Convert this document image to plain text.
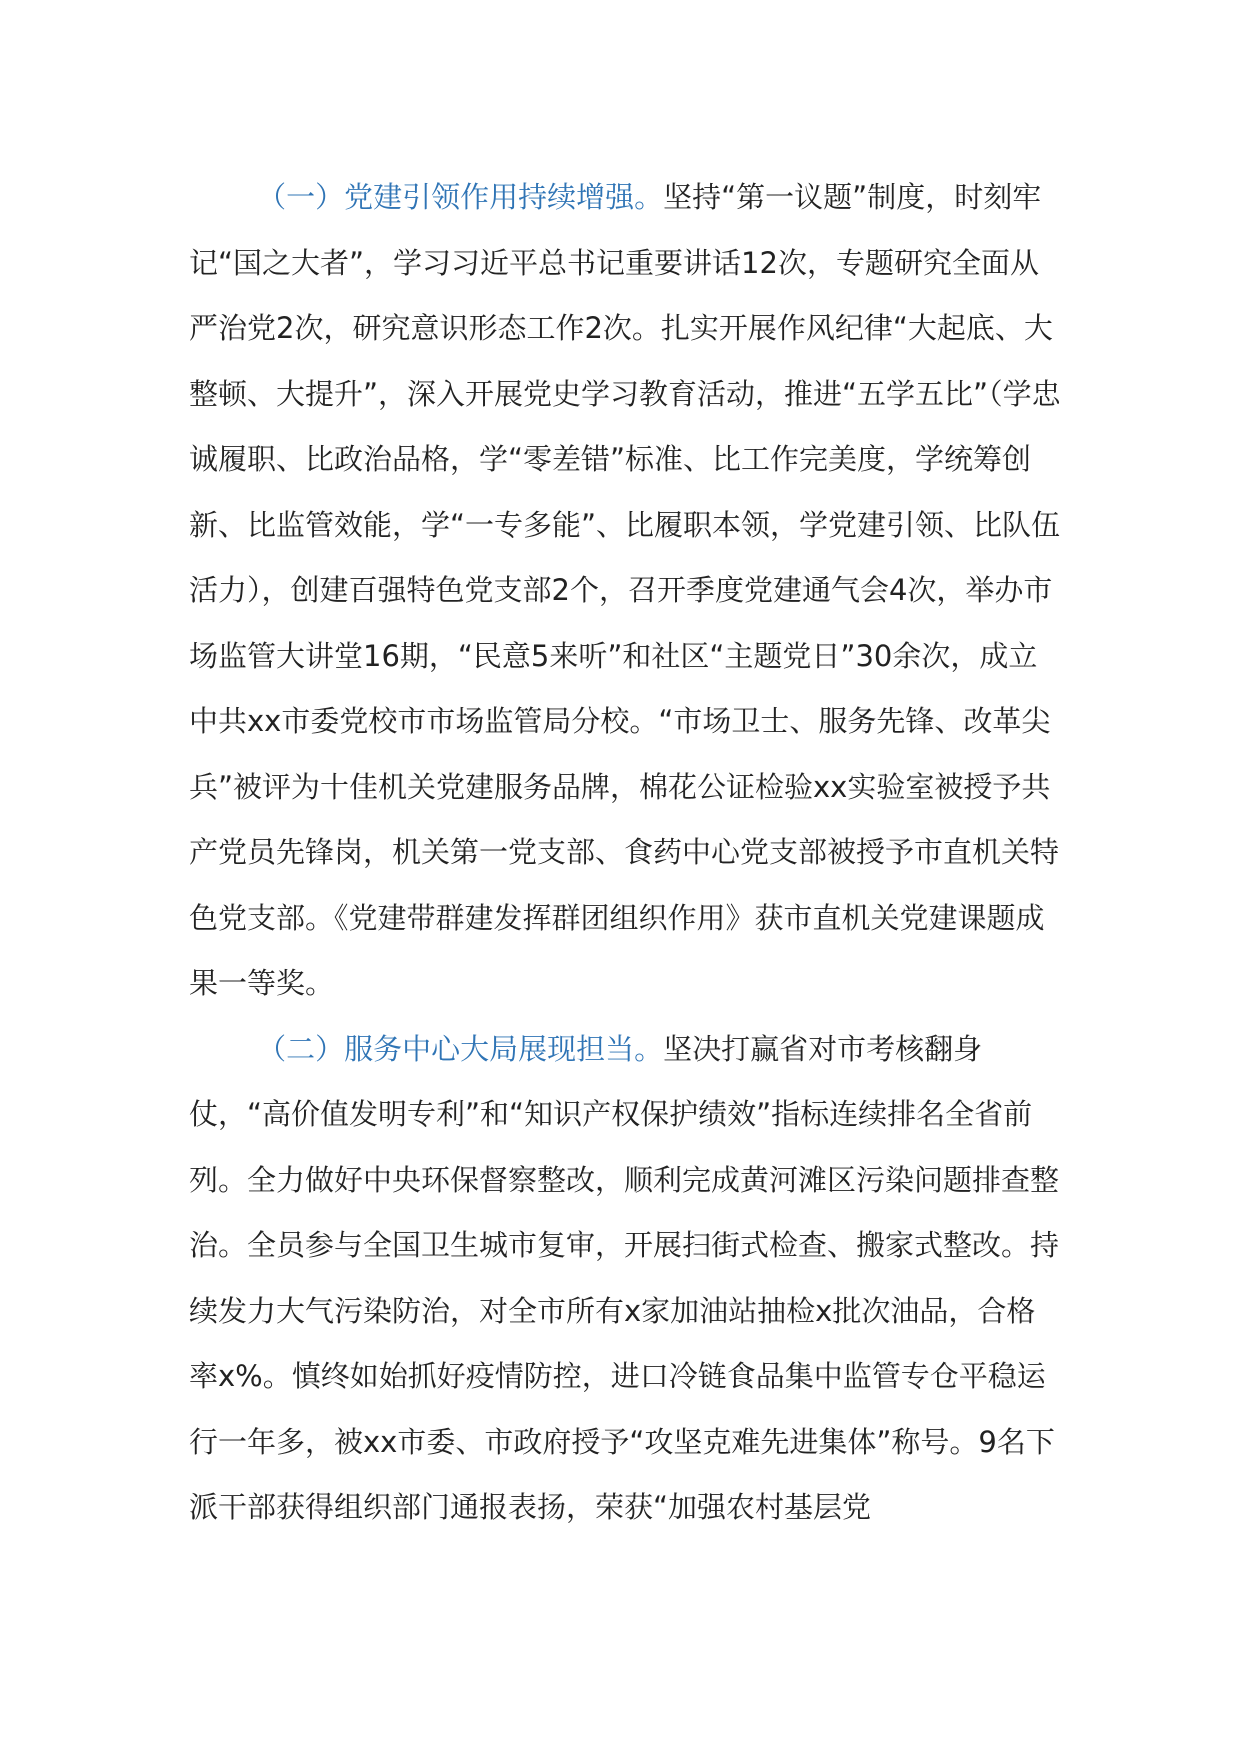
（一）党建引领作用持续增强。坚持“第一议题”制度，时刻牢记“国之大者”，学习习近平总书记重要讲话12次，专题研究全面从严治党2次，研究意识形态工作2次。扎实开展作风纪律“大起底、大整顿、大提升”，深入开展党史学习教育活动，推进“五学五比”（学忠诚履职、比政治品格，学“零差错”标准、比工作完美度，学统筹创新、比监管效能，学“一专多能”、比履职本领，学党建引领、比队伍活力），创建百强特色党支部2个，召开季度党建通气会4次，举办市场监管大讲堂16期，“民意5来听”和社区“主题党日”30余次，成立中共xx市委党校市市场监管局分校。“市场卫士、服务先锋、改革尖兵”被评为十佳机关党建服务品牌，棉花公证检验xx实验室被授予共产党员先锋岗，机关第一党支部、食药中心党支部被授予市直机关特色党支部。《党建带群建发挥群团组织作用》获市直机关党建课题成果一等奖。

（二）服务中心大局展现担当。坚决打赢省对市考核翻身仗，“高价值发明专利”和“知识产权保护绩效”指标连续排名全省前列。全力做好中央环保督察整改，顺利完成黄河滩区污染问题排查整治。全员参与全国卫生城市复审，开展扫街式检查、搬家式整改。持续发力大气污染防治，对全市所有x家加油站抽检x批次油品，合格率x%。慎终如始抓好疫情防控，进口冷链食品集中监管专仓平稳运行一年多，被xx市委、市政府授予“攻坚克难先进集体”称号。9名下派干部获得组织部门通报表扬，荣获“加强农村基层党
